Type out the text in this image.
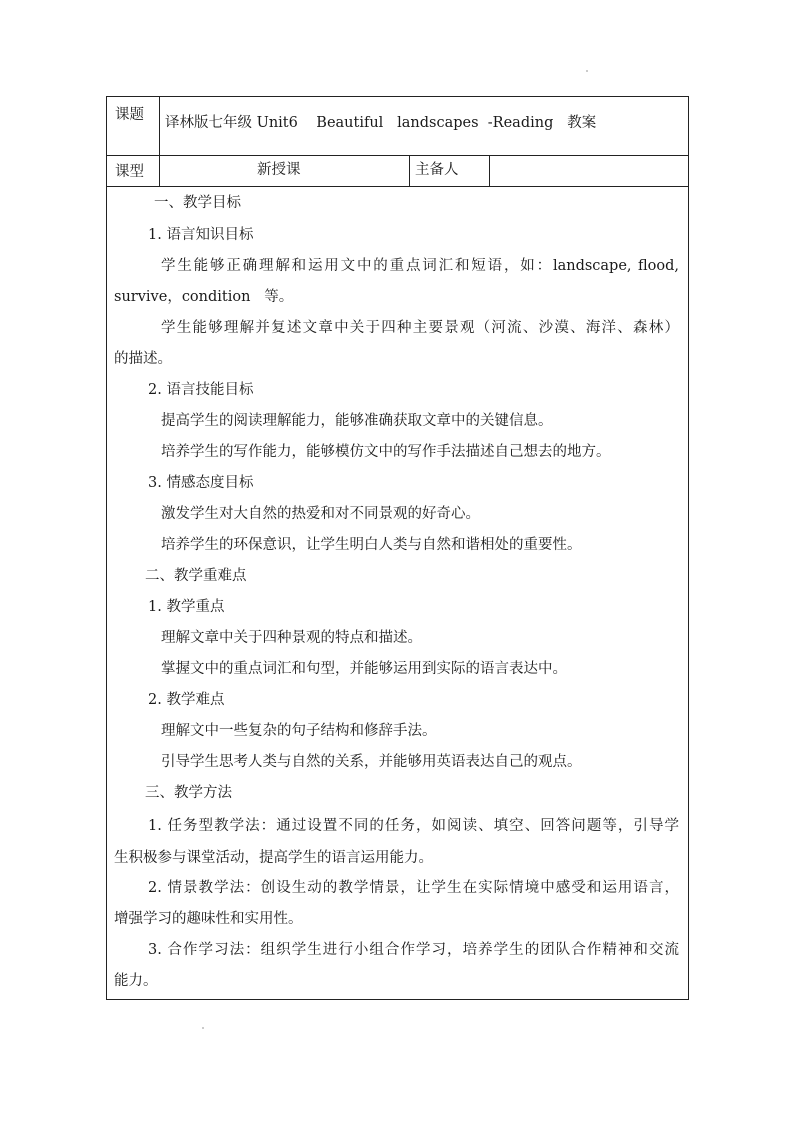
课题 译林版七年级 Unit6    Beautiful   landscapes  -Reading   教案
课型	新授课	主备人
一、教学目标
1. 语言知识目标
学生能够正确理解和运用文中的重点词汇和短语，如：landscape, flood,
survive，condition   等。
学生能够理解并复述文章中关于四种主要景观（河流、沙漠、海洋、森林）
的描述。
2. 语言技能目标
提高学生的阅读理解能力，能够准确获取文章中的关键信息。
培养学生的写作能力，能够模仿文中的写作手法描述自己想去的地方。
3. 情感态度目标
激发学生对大自然的热爱和对不同景观的好奇心。
培养学生的环保意识，让学生明白人类与自然和谐相处的重要性。
二、教学重难点
1. 教学重点
理解文章中关于四种景观的特点和描述。
掌握文中的重点词汇和句型，并能够运用到实际的语言表达中。
2. 教学难点
理解文中一些复杂的句子结构和修辞手法。
引导学生思考人类与自然的关系，并能够用英语表达自己的观点。
三、教学方法
1. 任务型教学法：通过设置不同的任务，如阅读、填空、回答问题等，引导学
生积极参与课堂活动，提高学生的语言运用能力。
2. 情景教学法：创设生动的教学情景，让学生在实际情境中感受和运用语言，
增强学习的趣味性和实用性。
3. 合作学习法：组织学生进行小组合作学习，培养学生的团队合作精神和交流
能力。
